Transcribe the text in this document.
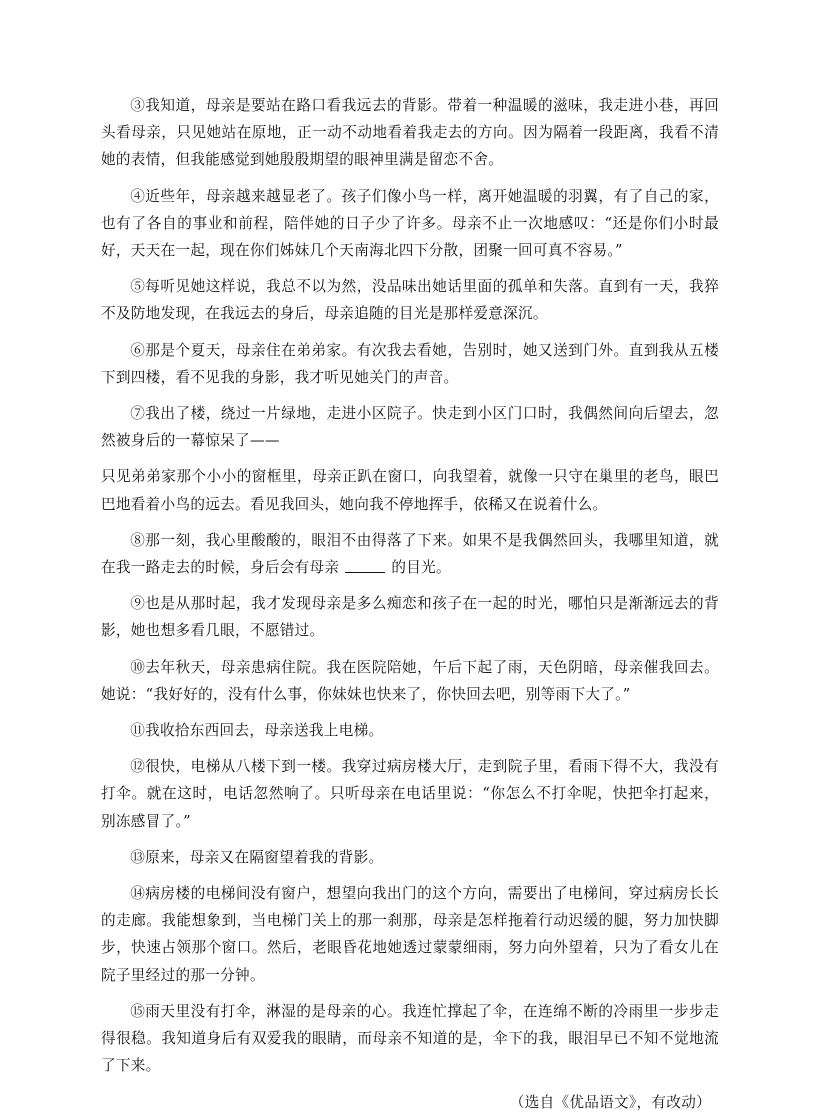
③我知道，母亲是要站在路口看我远去的背影。带着一种温暖的滋味，我走进小巷，再回头看母亲，只见她站在原地，正一动不动地看着我走去的方向。因为隔着一段距离，我看不清她的表情，但我能感觉到她殷殷期望的眼神里满是留恋不舍。

④近些年，母亲越来越显老了。孩子们像小鸟一样，离开她温暖的羽翼，有了自己的家，也有了各自的事业和前程，陪伴她的日子少了许多。母亲不止一次地感叹：“还是你们小时最好，天天在一起，现在你们姊妹几个天南海北四下分散，团聚一回可真不容易。”

⑤每听见她这样说，我总不以为然，没品味出她话里面的孤单和失落。直到有一天，我猝不及防地发现，在我远去的身后，母亲追随的目光是那样爱意深沉。

⑥那是个夏天，母亲住在弟弟家。有次我去看她，告别时，她又送到门外。直到我从五楼下到四楼，看不见我的身影，我才听见她关门的声音。

⑦我出了楼，绕过一片绿地，走进小区院子。快走到小区门口时，我偶然间向后望去，忽然被身后的一幕惊呆了——

只见弟弟家那个小小的窗框里，母亲正趴在窗口，向我望着，就像一只守在巢里的老鸟，眼巴巴地看着小鸟的远去。看见我回头，她向我不停地挥手，依稀又在说着什么。

⑧那一刻，我心里酸酸的，眼泪不由得落了下来。如果不是我偶然回头，我哪里知道，就在我一路走去的时候，身后会有母亲	的目光。

⑨也是从那时起，我才发现母亲是多么痴恋和孩子在一起的时光，哪怕只是渐渐远去的背影，她也想多看几眼，不愿错过。

⑩去年秋天，母亲患病住院。我在医院陪她，午后下起了雨，天色阴暗，母亲催我回去。她说：“我好好的，没有什么事，你妹妹也快来了，你快回去吧，别等雨下大了。”

⑪我收拾东西回去，母亲送我上电梯。

⑫很快，电梯从八楼下到一楼。我穿过病房楼大厅，走到院子里，看雨下得不大，我没有打伞。就在这时，电话忽然响了。只听母亲在电话里说：“你怎么不打伞呢，快把伞打起来，别冻感冒了。”

⑬原来，母亲又在隔窗望着我的背影。

⑭病房楼的电梯间没有窗户，想望向我出门的这个方向，需要出了电梯间，穿过病房长长的走廊。我能想象到，当电梯门关上的那一刹那，母亲是怎样拖着行动迟缓的腿，努力加快脚步，快速占领那个窗口。然后，老眼昏花地她透过蒙蒙细雨，努力向外望着，只为了看女儿在院子里经过的那一分钟。

⑮雨天里没有打伞，淋湿的是母亲的心。我连忙撑起了伞，在连绵不断的冷雨里一步步走得很稳。我知道身后有双爱我的眼睛，而母亲不知道的是，伞下的我，眼泪早已不知不觉地流了下来。

（选自《优品语文》，有改动）
